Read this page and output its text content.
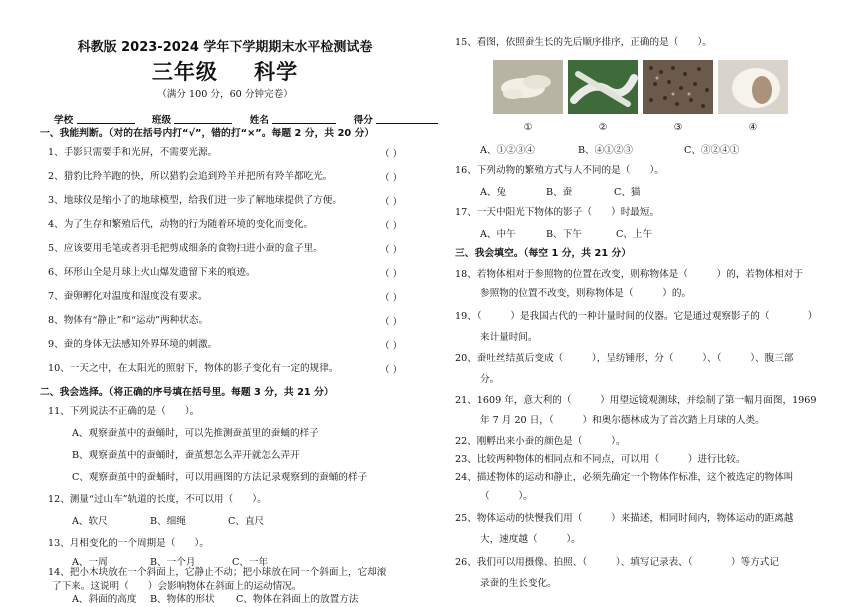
科教版 2023-2024 学年下学期期末水平检测试卷
三年级 科学
（满分 100 分，60 分钟完卷）
学校	班级	姓名	得分
一、我能判断。（对的在括号内打“√”，错的打“×”。每题 2 分，共 20 分）
1、手影只需要手和光屏，不需要光源。	（ ）
2、猎豹比羚羊跑的快，所以猎豹会追到羚羊并把所有羚羊都吃光。	（ ）
3、地球仪是缩小了的地球模型，给我们进一步了解地球提供了方便。	（ ）
4、为了生存和繁殖后代，动物的行为随着环境的变化而变化。	（ ）
5、应该要用毛笔或者羽毛把剪成细条的食物扫进小蚕的盒子里。	（ ）
6、环形山全是月球上火山爆发遗留下来的痕迹。	（ ）
7、蚕卵孵化对温度和湿度没有要求。	（ ）
8、物体有“静止”和“运动”两种状态。	（ ）
9、蚕的身体无法感知外界环境的刺激。	（ ）
10、一天之中，在太阳光的照射下，物体的影子变化有一定的规律。	（ ）
二、我会选择。（将正确的序号填在括号里。每题 3 分，共 21 分）
11、下列说法不正确的是（　　）。
A、观察蚕茧中的蚕蛹时，可以先推测蚕茧里的蚕蛹的样子
B、观察蚕茧中的蚕蛹时，蚕茧想怎么弄开就怎么弄开
C、观察蚕茧中的蚕蛹时，可以用画图的方法记录观察到的蚕蛹的样子
12、测量“过山车”轨道的长度，不可以用（　　）。
A、软尺	B、细绳	C、直尺
13、月相变化的一个周期是（　　）。
A、一周	B、一个月	C、一年
14、把小木块放在一个斜面上，它静止不动；把小球放在同一个斜面上，它却滚
了下来。这说明（　　）会影响物体在斜面上的运动情况。
15、看图，依照蚕生长的先后顺序排序，正确的是（　　）。
①	②	③	④
A、①②③④	B、④①②③	C、③②④①
16、下列动物的繁殖方式与人不同的是（　　）。
A、兔	B、蚕	C、猫
17、一天中阳光下物体的影子（　　）时最短。
A、中午	B、下午	C、上午
三、我会填空。（每空 1 分，共 21 分）
18、若物体相对于参照物的位置在改变，则称物体是（　　　）的，若物体相对于
参照物的位置不改变，则称物体是（　　　）的。
19、（　　　）是我国古代的一种计量时间的仪器。它是通过观察影子的（　　　　）
来计量时间。
20、蚕吐丝结茧后变成（　　　），呈纺锤形，分（　　　）、（　　　）、腹三部
分。
21、1609 年，意大利的（　　　）用望远镜观测球，并绘制了第一幅月面图，1969
年 7 月 20 日，（　　　）和奥尔德林成为了首次踏上月球的人类。
22、刚孵出来小蚕的颜色是（　　　）。
23、比较两种物体的相同点和不同点，可以用（　　　）进行比较。
24、描述物体的运动和静止，必须先确定一个物体作标准，这个被选定的物体叫
（　　　）。
25、物体运动的快慢我们用（　　　）来描述，相同时间内，物体运动的距离越
大，速度越（　　　）。
26、我们可以用摄像、拍照、（　　　）、填写记录表、（　　　　）等方式记
录蚕的生长变化。
A、斜面的高度 B、物体的形状 C、物体在斜面上的放置方法
